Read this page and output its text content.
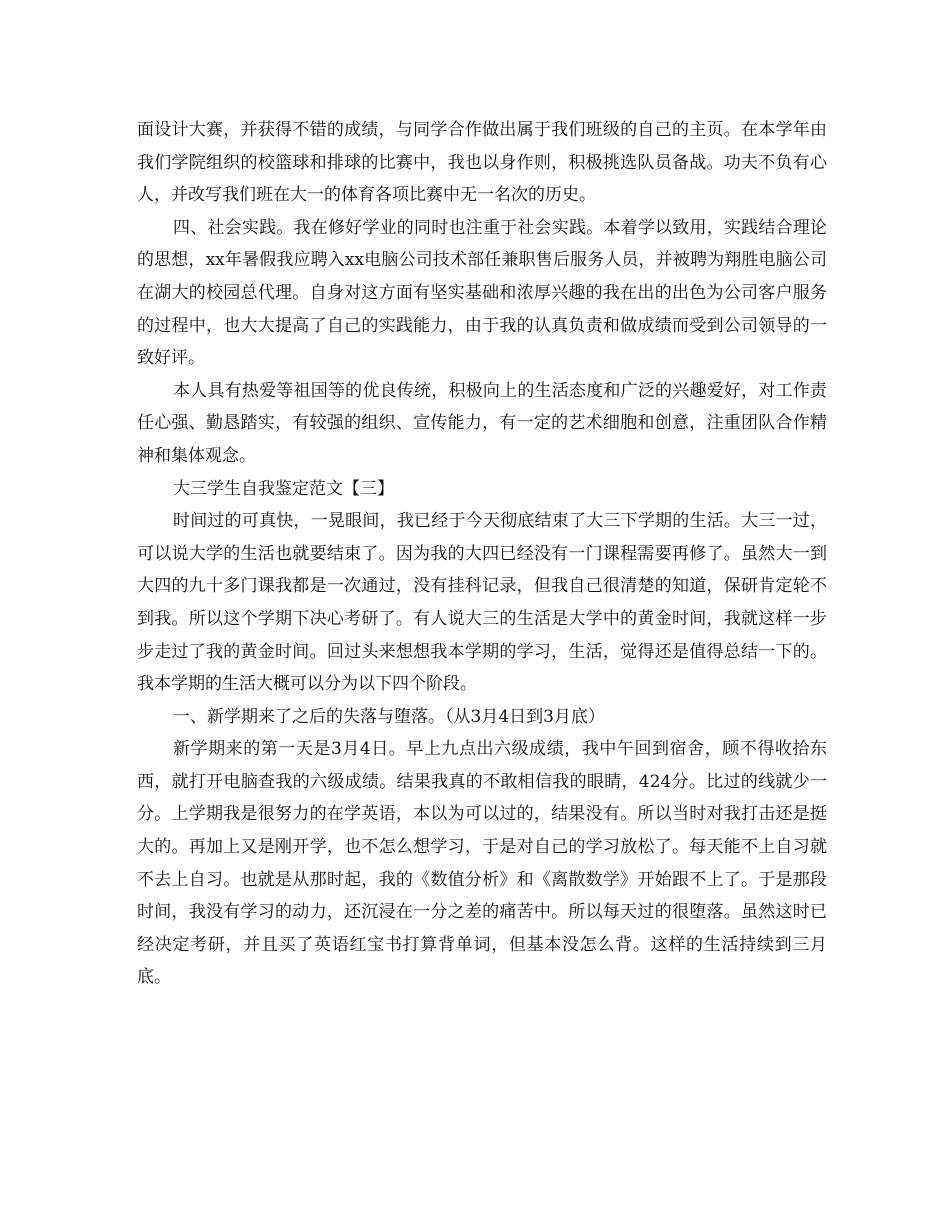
面设计大赛，并获得不错的成绩，与同学合作做出属于我们班级的自己的主页。在本学年由我们学院组织的校篮球和排球的比赛中，我也以身作则，积极挑选队员备战。功夫不负有心人，并改写我们班在大一的体育各项比赛中无一名次的历史。

四、社会实践。我在修好学业的同时也注重于社会实践。本着学以致用，实践结合理论的思想，xx年暑假我应聘入xx电脑公司技术部任兼职售后服务人员，并被聘为翔胜电脑公司在湖大的校园总代理。自身对这方面有坚实基础和浓厚兴趣的我在出的出色为公司客户服务的过程中，也大大提高了自己的实践能力，由于我的认真负责和做成绩而受到公司领导的一致好评。

本人具有热爱等祖国等的优良传统，积极向上的生活态度和广泛的兴趣爱好，对工作责任心强、勤恳踏实，有较强的组织、宣传能力，有一定的艺术细胞和创意，注重团队合作精神和集体观念。

大三学生自我鉴定范文【三】

时间过的可真快，一晃眼间，我已经于今天彻底结束了大三下学期的生活。大三一过，可以说大学的生活也就要结束了。因为我的大四已经没有一门课程需要再修了。虽然大一到大四的九十多门课我都是一次通过，没有挂科记录，但我自己很清楚的知道，保研肯定轮不到我。所以这个学期下决心考研了。有人说大三的生活是大学中的黄金时间，我就这样一步步走过了我的黄金时间。回过头来想想我本学期的学习，生活，觉得还是值得总结一下的。我本学期的生活大概可以分为以下四个阶段。

一、新学期来了之后的失落与堕落。（从3月4日到3月底）

新学期来的第一天是3月4日。早上九点出六级成绩，我中午回到宿舍，顾不得收拾东西，就打开电脑查我的六级成绩。结果我真的不敢相信我的眼睛，424分。比过的线就少一分。上学期我是很努力的在学英语，本以为可以过的，结果没有。所以当时对我打击还是挺大的。再加上又是刚开学，也不怎么想学习，于是对自己的学习放松了。每天能不上自习就不去上自习。也就是从那时起，我的《数值分析》和《离散数学》开始跟不上了。于是那段时间，我没有学习的动力，还沉浸在一分之差的痛苦中。所以每天过的很堕落。虽然这时已经决定考研，并且买了英语红宝书打算背单词，但基本没怎么背。这样的生活持续到三月底。
